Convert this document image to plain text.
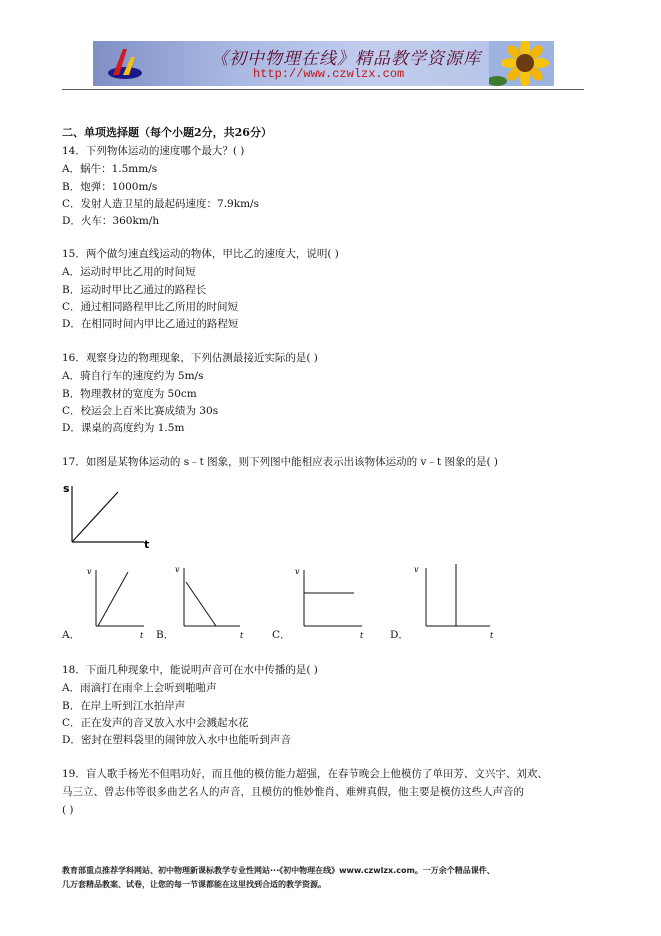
《初中物理在线》精品教学资源库
http://www.czwlzx.com
二、单项选择题（每个小题2分，共26分）
14．下列物体运动的速度哪个最大？( )
A．蜗牛：1.5mm/s
B．炮弹：1000m/s
C．发射人造卫星的最起码速度：7.9km/s
D．火车：360km/h
15．两个做匀速直线运动的物体，甲比乙的速度大，说明( )
A．运动时甲比乙用的时间短
B．运动时甲比乙通过的路程长
C．通过相同路程甲比乙所用的时间短
D．在相同时间内甲比乙通过的路程短
16．观察身边的物理现象，下列估测最接近实际的是( )
A．骑自行车的速度约为 5m/s
B．物理教材的宽度为 50cm
C．校运会上百米比赛成绩为 30s
D．课桌的高度约为 1.5m
17．如图是某物体运动的 s﹣t 图象，则下列图中能相应表示出该物体运动的 v﹣t 图象的是( )
s
t
v
t
A．
v
t
B．
v
t
C．
v
t
D．
18．下面几种现象中，能说明声音可在水中传播的是( )
A．雨滴打在雨伞上会听到啪啪声
B．在岸上听到江水拍岸声
C．正在发声的音叉放入水中会溅起水花
D．密封在塑料袋里的闹钟放入水中也能听到声音
19．盲人歌手杨光不但唱功好，而且他的模仿能力超强，在春节晚会上他模仿了单田芳、文兴宇、刘欢、
马三立、曾志伟等很多曲艺名人的声音，且模仿的惟妙惟肖、难辨真假，他主要是模仿这些人声音的
( )
教育部重点推荐学科网站、初中物理新课标教学专业性网站···《初中物理在线》www.czwlzx.com。一万余个精品课件、
几万套精品教案、试卷，让您的每一节课都能在这里找到合适的教学资源。
